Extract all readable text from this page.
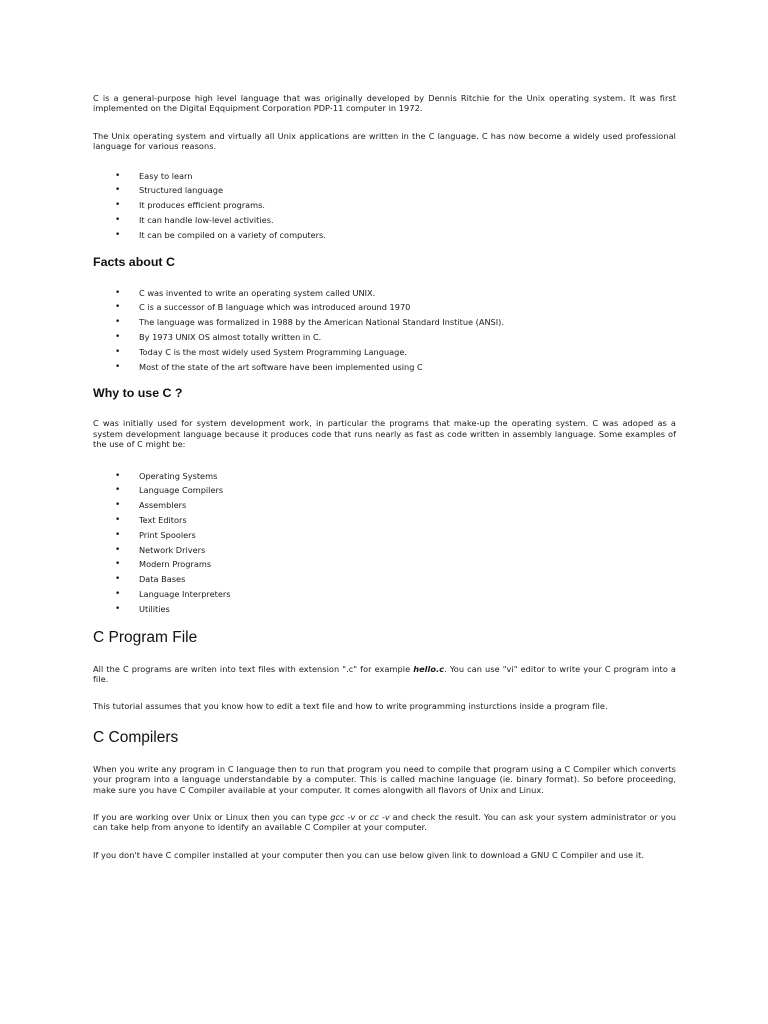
C is a general-purpose high level language that was originally developed by Dennis Ritchie for the Unix operating system. It was first implemented on the Digital Eqquipment Corporation PDP-11 computer in 1972.

The Unix operating system and virtually all Unix applications are written in the C language. C has now become a widely used professional language for various reasons.

• Easy to learn
• Structured language
• It produces efficient programs.
• It can handle low-level activities.
• It can be compiled on a variety of computers.
Facts about C
• C was invented to write an operating system called UNIX.
• C is a successor of B language which was introduced around 1970
• The language was formalized in 1988 by the American National Standard Institue (ANSI).
• By 1973 UNIX OS almost totally written in C.
• Today C is the most widely used System Programming Language.
• Most of the state of the art software have been implemented using C
Why to use C ?

C was initially used for system development work, in particular the programs that make-up the operating system. C was adoped as a system development language because it produces code that runs nearly as fast as code written in assembly language. Some examples of the use of C might be:

• Operating Systems
• Language Compilers
• Assemblers
• Text Editors
• Print Spoolers
• Network Drivers
• Modern Programs
• Data Bases
• Language Interpreters
• Utilities
C Program File

All the C programs are writen into text files with extension ".c" for example hello.c. You can use "vi" editor to write your C program into a file.

This tutorial assumes that you know how to edit a text file and how to write programming insturctions inside a program file.

C Compilers

When you write any program in C language then to run that program you need to compile that program using a C Compiler which converts your program into a language understandable by a computer. This is called machine language (ie. binary format). So before proceeding, make sure you have C Compiler available at your computer. It comes alongwith all flavors of Unix and Linux.

If you are working over Unix or Linux then you can type gcc -v or cc -v and check the result. You can ask your system administrator or you can take help from anyone to identify an available C Compiler at your computer.

If you don't have C compiler installed at your computer then you can use below given link to download a GNU C Compiler and use it.
